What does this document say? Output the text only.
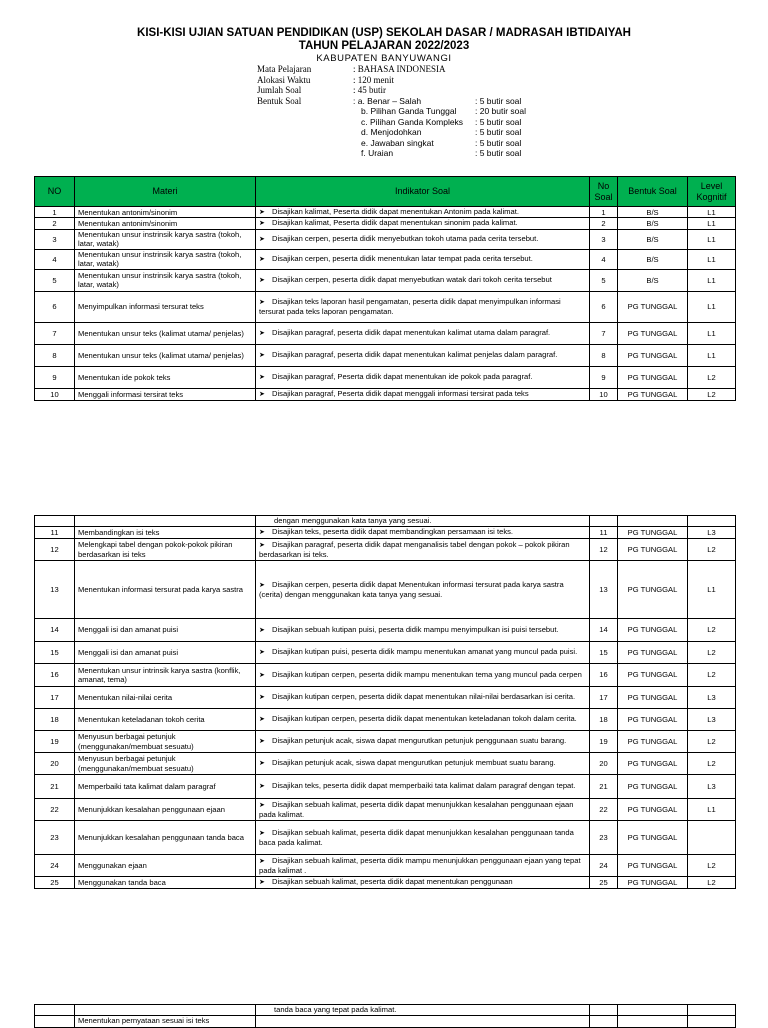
KISI-KISI UJIAN SATUAN PENDIDIKAN (USP) SEKOLAH DASAR / MADRASAH IBTIDAIYAH
TAHUN PELAJARAN 2022/2023
KABUPATEN BANYUWANGI
Mata Pelajaran	: BAHASA INDONESIA
Alokasi Waktu	: 120 menit
Jumlah Soal	: 45 butir
Bentuk Soal	: a. Benar – Salah	: 5 butir soal
b. Pilihan Ganda Tunggal : 20 butir soal
c. Pilihan Ganda Kompleks : 5 butir soal
d. Menjodohkan	: 5 butir soal
e. Jawaban singkat	: 5 butir soal
f. Uraian	: 5 butir soal
NO	Materi	Indikator Soal	No Soal	Bentuk Soal	Level Kognitif
1	Menentukan antonim/sinonim	➤ Disajikan kalimat, Peserta didik dapat menentukan Antonim pada kalimat.	1	B/S	L1
2	Menentukan antonim/sinonim	➤ Disajikan kalimat, Peserta didik dapat menentukan sinonim pada kalimat.	2	B/S	L1
3	Menentukan unsur instrinsik karya sastra (tokoh, latar, watak)	➤ Disajikan cerpen, peserta didik menyebutkan tokoh utama pada cerita tersebut.	3	B/S	L1
4	Menentukan unsur instrinsik karya sastra (tokoh, latar, watak)	➤ Disajikan cerpen, peserta didik menentukan latar tempat pada cerita tersebut.	4	B/S	L1
5	Menentukan unsur instrinsik karya sastra (tokoh, latar, watak)	➤ Disajikan cerpen, peserta didik dapat menyebutkan watak dari tokoh cerita tersebut	5	B/S	L1
6	Menyimpulkan informasi tersurat teks	➤ Disajikan teks laporan hasil pengamatan, peserta didik dapat menyimpulkan informasi tersurat pada teks laporan pengamatan.	6	PG TUNGGAL	L1
7	Menentukan unsur teks (kalimat utama/ penjelas)	➤ Disajikan paragraf, peserta didik dapat menentukan kalimat utama dalam paragraf.	7	PG TUNGGAL	L1
8	Menentukan unsur teks (kalimat utama/ penjelas)	➤ Disajikan paragraf, peserta didik dapat menentukan kalimat penjelas dalam paragraf.	8	PG TUNGGAL	L1
9	Menentukan ide pokok teks	➤ Disajikan paragraf, Peserta didik dapat menentukan ide pokok pada paragraf.	9	PG TUNGGAL	L2
10	Menggali informasi tersirat teks	➤ Disajikan paragraf, Peserta didik dapat menggali informasi tersirat pada teks	10	PG TUNGGAL	L2
		dengan menggunakan kata tanya yang sesuai.			
11	Membandingkan isi teks	➤ Disajikan teks, peserta didik dapat membandingkan persamaan isi teks.	11	PG TUNGGAL	L3
12	Melengkapi tabel dengan pokok-pokok pikiran berdasarkan isi teks	➤ Disajikan paragraf, peserta didik dapat menganalisis tabel dengan pokok – pokok pikiran berdasarkan isi teks.	12	PG TUNGGAL	L2
13	Menentukan informasi tersurat pada karya sastra	➤ Disajikan cerpen, peserta didik dapat Menentukan informasi tersurat pada karya sastra (cerita) dengan menggunakan kata tanya yang sesuai.	13	PG TUNGGAL	L1
14	Menggali isi dan amanat puisi	➤ Disajikan sebuah kutipan puisi, peserta didik mampu menyimpulkan isi puisi tersebut.	14	PG TUNGGAL	L2
15	Menggali isi dan amanat puisi	➤ Disajikan kutipan puisi, peserta didik mampu menentukan amanat yang muncul pada puisi.	15	PG TUNGGAL	L2
16	Menentukan unsur intrinsik karya sastra (konflik, amanat, tema)	➤ Disajikan kutipan cerpen, peserta didik mampu menentukan tema yang muncul pada cerpen	16	PG TUNGGAL	L2
17	Menentukan nilai-nilai cerita	➤ Disajikan kutipan cerpen, peserta didik dapat menentukan nilai-nilai berdasarkan isi cerita.	17	PG TUNGGAL	L3
18	Menentukan keteladanan tokoh cerita	➤ Disajikan kutipan cerpen, peserta didik dapat menentukan keteladanan tokoh dalam cerita.	18	PG TUNGGAL	L3
19	Menyusun berbagai petunjuk (menggunakan/membuat sesuatu)	➤ Disajikan petunjuk acak, siswa dapat mengurutkan petunjuk penggunaan suatu barang.	19	PG TUNGGAL	L2
20	Menyusun berbagai petunjuk (menggunakan/membuat sesuatu)	➤ Disajikan petunjuk acak, siswa dapat mengurutkan petunjuk membuat suatu barang.	20	PG TUNGGAL	L2
21	Memperbaiki tata kalimat dalam paragraf	➤ Disajikan teks, peserta didik dapat memperbaiki tata kalimat dalam paragraf dengan tepat.	21	PG TUNGGAL	L3
22	Menunjukkan kesalahan penggunaan ejaan	➤ Disajikan sebuah kalimat, peserta didik dapat menunjukkan kesalahan penggunaan ejaan pada kalimat.	22	PG TUNGGAL	L1
23	Menunjukkan kesalahan penggunaan tanda baca	➤ Disajikan sebuah kalimat, peserta didik dapat menunjukkan kesalahan penggunaan tanda baca pada kalimat.	23	PG TUNGGAL	
24	Menggunakan ejaan	➤ Disajikan sebuah kalimat, peserta didik mampu menunjukkan penggunaan ejaan yang tepat pada kalimat .	24	PG TUNGGAL	L2
25	Menggunakan tanda baca	➤ Disajikan sebuah kalimat, peserta didik dapat menentukan penggunaan	25	PG TUNGGAL	L2
		tanda baca yang tepat pada kalimat.			
	Menentukan pernyataan sesuai isi teks				
